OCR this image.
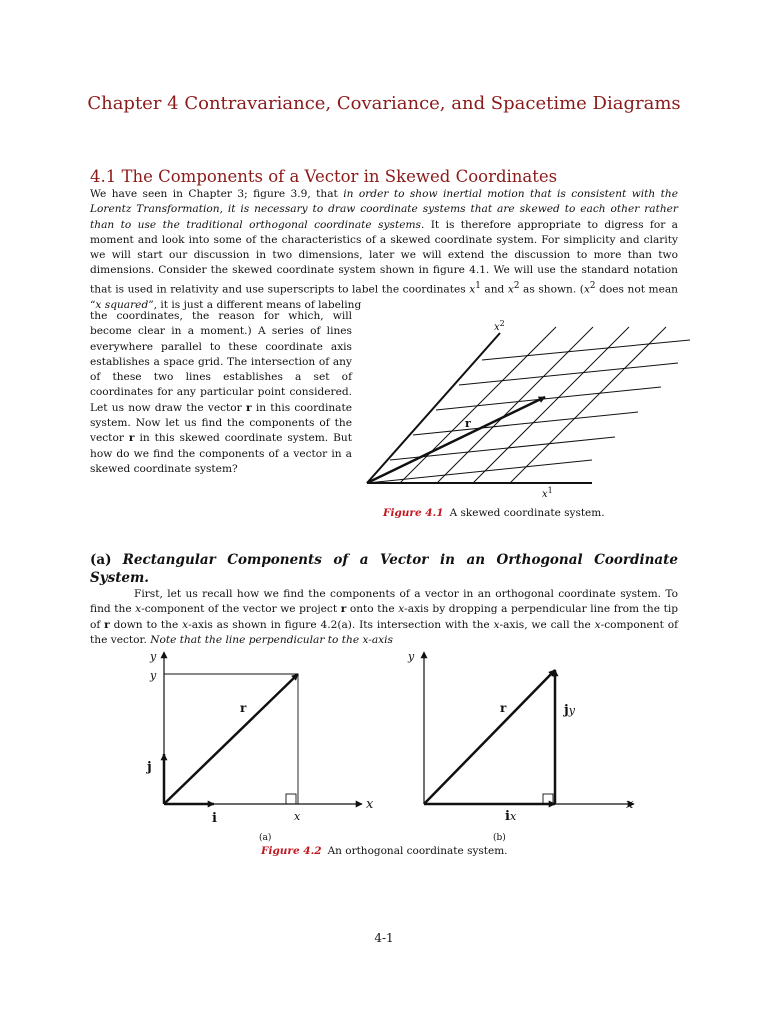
Chapter 4 Contravariance, Covariance, and Spacetime Diagrams
4.1 The Components of a Vector in Skewed Coordinates

We have seen in Chapter 3; figure 3.9, that in order to show inertial motion that is consistent with the Lorentz Transformation, it is necessary to draw coordinate systems that are skewed to each other rather than to use the traditional orthogonal coordinate systems. It is therefore appropriate to digress for a moment and look into some of the characteristics of a skewed coordinate system. For simplicity and clarity we will start our discussion in two dimensions, later we will extend the discussion to more than two dimensions. Consider the skewed coordinate system shown in figure 4.1. We will use the standard notation that is used in relativity and use superscripts to label the coordinates $x^1$ and $x^2$ as shown. ($x^2$ does not mean “x squared”, it is just a different means of labeling

the coordinates, the reason for which, will become clear in a moment.) A series of lines everywhere parallel to these coordinate axis establishes a space grid. The intersection of any of these two lines establishes a set of coordinates for any particular point considered. Let us now draw the vector r in this coordinate system. Now let us find the components of the vector r in this skewed coordinate system. But how do we find the components of a vector in a skewed coordinate system?

$x^2$
$x^1$
r

Figure 4.1 A skewed coordinate system.

(a) Rectangular Components of a Vector in an Orthogonal Coordinate System.

First, let us recall how we find the components of a vector in an orthogonal coordinate system. To find the x-component of the vector we project r onto the x-axis by dropping a perpendicular line from the tip of r down to the x-axis as shown in figure 4.2(a). Its intersection with the x-axis, we call the x-component of the vector. Note that the line perpendicular to the x-axis

y
y
x
x
r
i
j
(a)
y
x
r	jy
ix
(b)

Figure 4.2 An orthogonal coordinate system.

4-1
